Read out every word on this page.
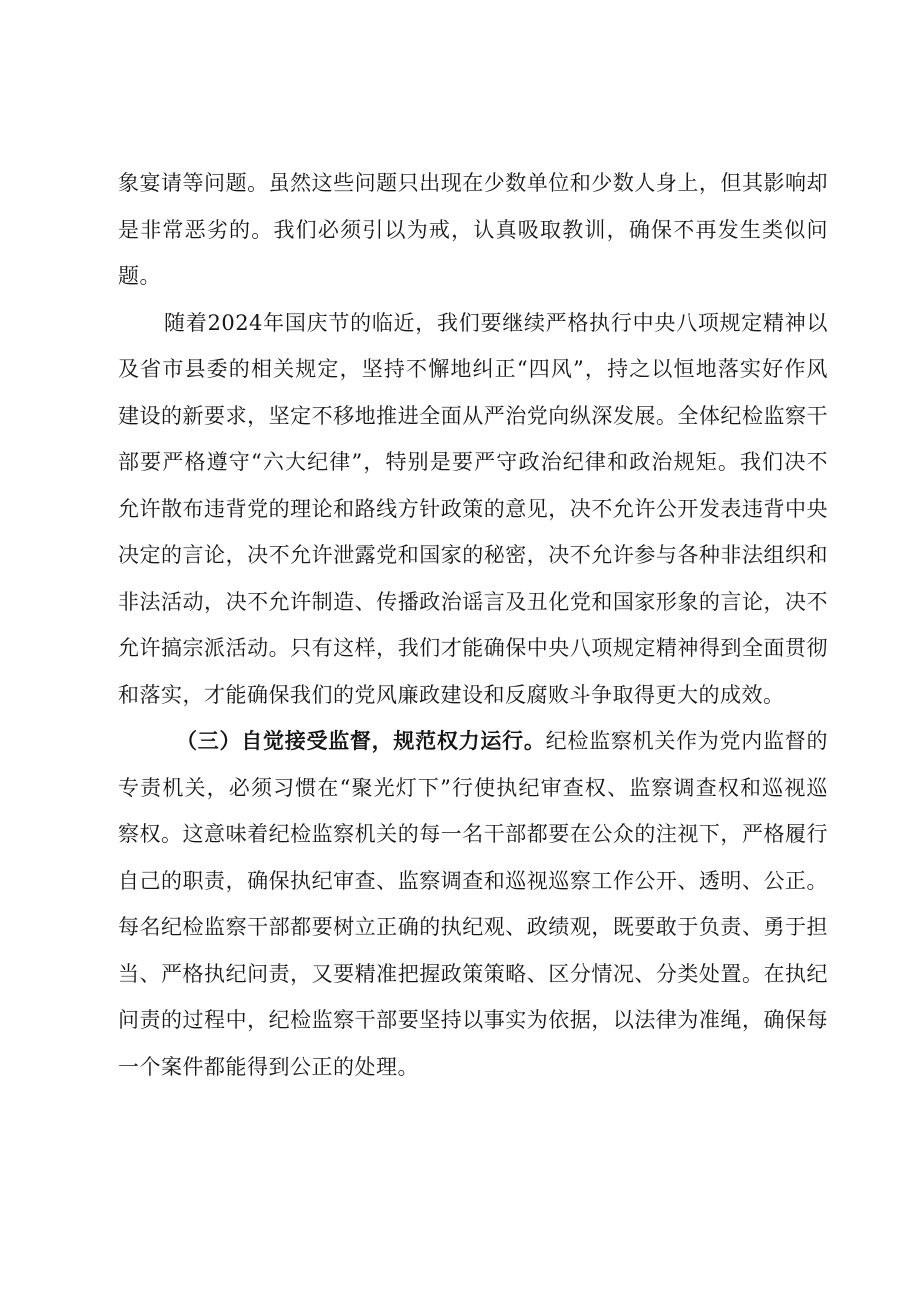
象宴请等问题。虽然这些问题只出现在少数单位和少数人身上，但其影响却是非常恶劣的。我们必须引以为戒，认真吸取教训，确保不再发生类似问题。

随着2024年国庆节的临近，我们要继续严格执行中央八项规定精神以及省市县委的相关规定，坚持不懈地纠正“四风”，持之以恒地落实好作风建设的新要求，坚定不移地推进全面从严治党向纵深发展。全体纪检监察干部要严格遵守“六大纪律”，特别是要严守政治纪律和政治规矩。我们决不允许散布违背党的理论和路线方针政策的意见，决不允许公开发表违背中央决定的言论，决不允许泄露党和国家的秘密，决不允许参与各种非法组织和非法活动，决不允许制造、传播政治谣言及丑化党和国家形象的言论，决不允许搞宗派活动。只有这样，我们才能确保中央八项规定精神得到全面贯彻和落实，才能确保我们的党风廉政建设和反腐败斗争取得更大的成效。

（三）自觉接受监督，规范权力运行。纪检监察机关作为党内监督的专责机关，必须习惯在“聚光灯下”行使执纪审查权、监察调查权和巡视巡察权。这意味着纪检监察机关的每一名干部都要在公众的注视下，严格履行自己的职责，确保执纪审查、监察调查和巡视巡察工作公开、透明、公正。每名纪检监察干部都要树立正确的执纪观、政绩观，既要敢于负责、勇于担当、严格执纪问责，又要精准把握政策策略、区分情况、分类处置。在执纪问责的过程中，纪检监察干部要坚持以事实为依据，以法律为准绳，确保每一个案件都能得到公正的处理。
